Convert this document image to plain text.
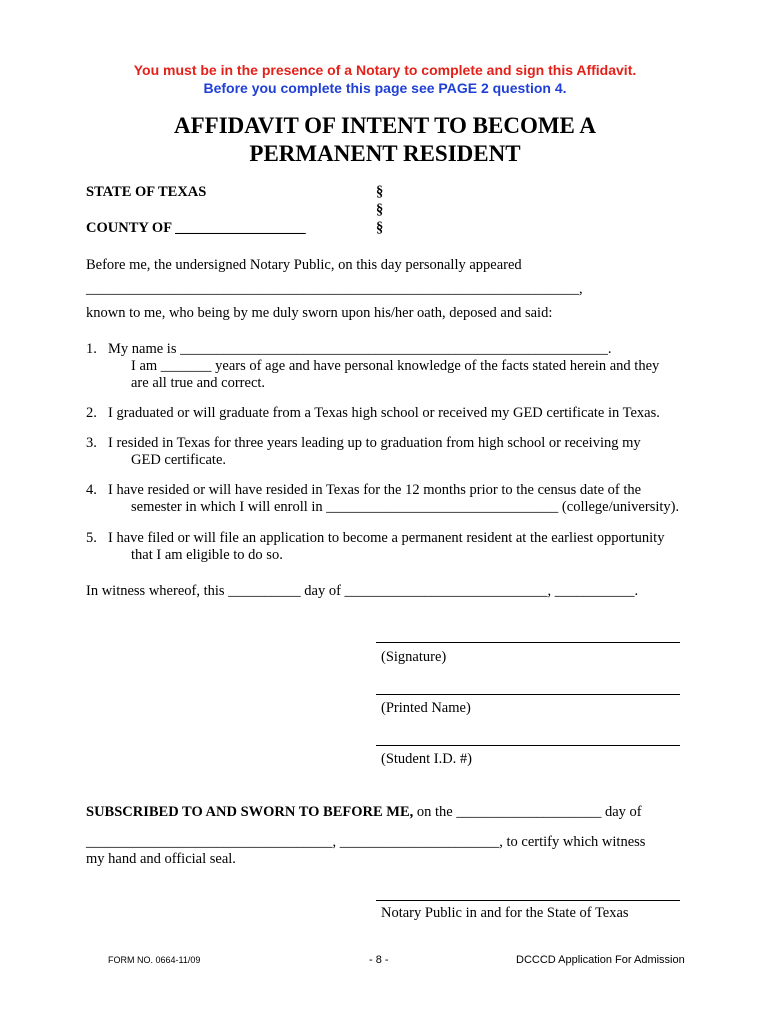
You must be in the presence of a Notary to complete and sign this Affidavit.
Before you complete this page see PAGE 2 question 4.
AFFIDAVIT OF INTENT TO BECOME A
PERMANENT RESIDENT
STATE OF TEXAS
COUNTY OF __________________
§
§
§
Before me, the undersigned Notary Public, on this day personally appeared
____________________________________________________________________,
known to me, who being by me duly sworn upon his/her oath, deposed and said:
1. My name is ___________________________________________________________.
I am _______ years of age and have personal knowledge of the facts stated herein and they
are all true and correct.
2. I graduated or will graduate from a Texas high school or received my GED certificate in Texas.
3. I resided in Texas for three years leading up to graduation from high school or receiving my
GED certificate.
4. I have resided or will have resided in Texas for the 12 months prior to the census date of the
semester in which I will enroll in ________________________________ (college/university).
5. I have filed or will file an application to become a permanent resident at the earliest opportunity
that I am eligible to do so.
In witness whereof, this __________ day of ____________________________, ___________.
(Signature)
(Printed Name)
(Student I.D. #)
SUBSCRIBED TO AND SWORN TO BEFORE ME, on the ____________________ day of
__________________________________, ______________________, to certify which witness
my hand and official seal.
Notary Public in and for the State of Texas
FORM NO. 0664-11/09	- 8 -	DCCCD Application For Admission
